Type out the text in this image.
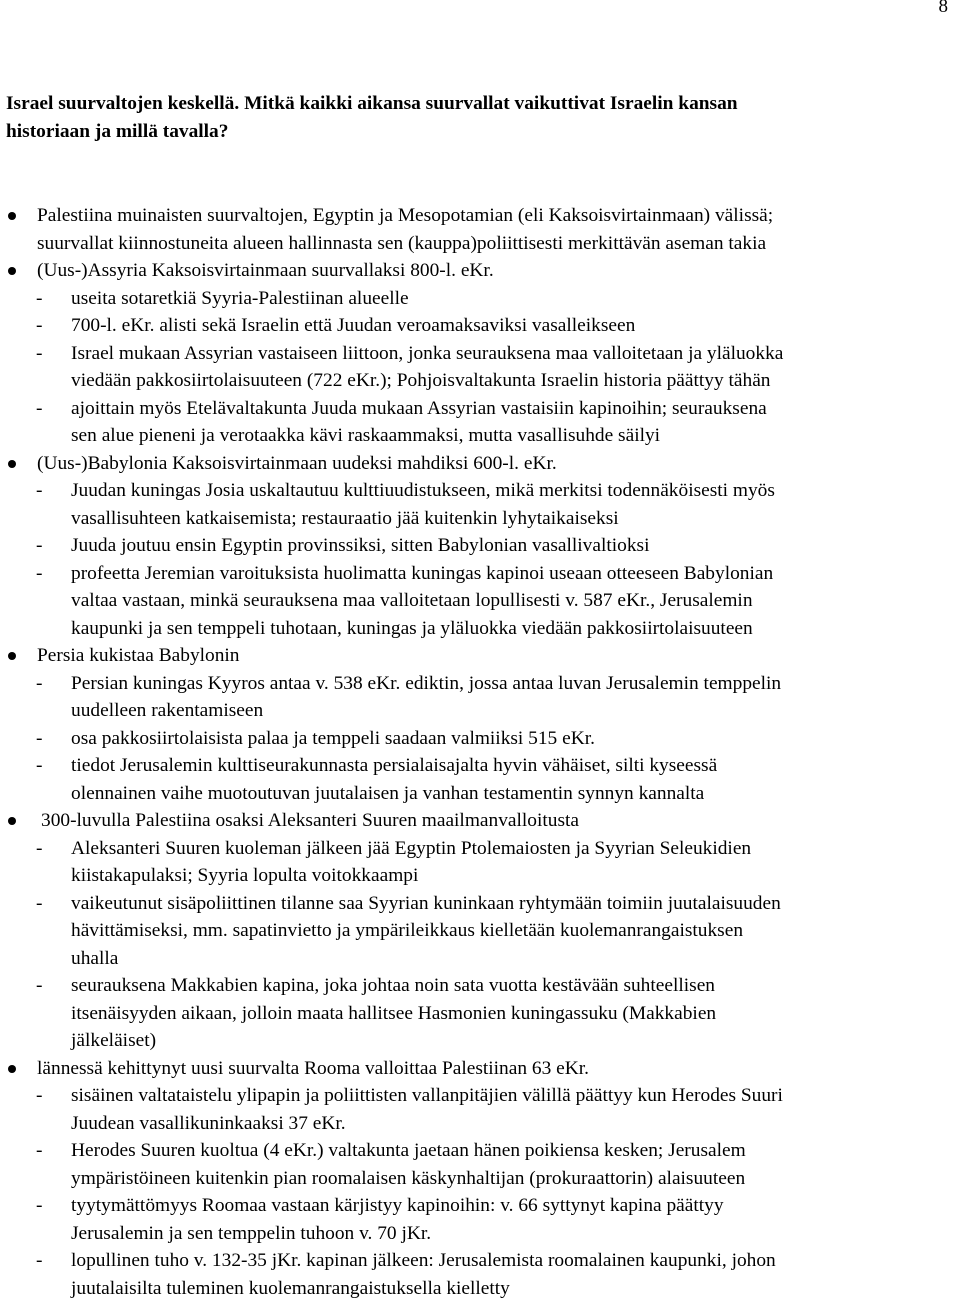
8
Israel suurvaltojen keskellä. Mitkä kaikki aikansa suurvallat vaikuttivat Israelin kansan
historiaan ja millä tavalla?
Palestiina muinaisten suurvaltojen, Egyptin ja Mesopotamian (eli Kaksoisvirtainmaan) välissä;
suurvallat kiinnostuneita alueen hallinnasta sen (kauppa)poliittisesti merkittävän aseman takia
(Uus-)Assyria Kaksoisvirtainmaan suurvallaksi 800-l. eKr.
- useita sotaretkiä Syyria-Palestiinan alueelle
- 700-l. eKr. alisti sekä Israelin että Juudan veroamaksaviksi vasalleikseen
- Israel mukaan Assyrian vastaiseen liittoon, jonka seurauksena maa valloitetaan ja yläluokka
viedään pakkosiirtolaisuuteen (722 eKr.); Pohjoisvaltakunta Israelin historia päättyy tähän
- ajoittain myös Etelävaltakunta Juuda mukaan Assyrian vastaisiin kapinoihin; seurauksena
sen alue pieneni ja verotaakka kävi raskaammaksi, mutta vasallisuhde säilyi
(Uus-)Babylonia Kaksoisvirtainmaan uudeksi mahdiksi 600-l. eKr.
- Juudan kuningas Josia uskaltautuu kulttiuudistukseen, mikä merkitsi todennäköisesti myös
vasallisuhteen katkaisemista; restauraatio jää kuitenkin lyhytaikaiseksi
- Juuda joutuu ensin Egyptin provinssiksi, sitten Babylonian vasallivaltioksi
- profeetta Jeremian varoituksista huolimatta kuningas kapinoi useaan otteeseen Babylonian
valtaa vastaan, minkä seurauksena maa valloitetaan lopullisesti v. 587 eKr., Jerusalemin
kaupunki ja sen temppeli tuhotaan, kuningas ja yläluokka viedään pakkosiirtolaisuuteen
Persia kukistaa Babylonin
- Persian kuningas Kyyros antaa v. 538 eKr. ediktin, jossa antaa luvan Jerusalemin temppelin
uudelleen rakentamiseen
- osa pakkosiirtolaisista palaa ja temppeli saadaan valmiiksi 515 eKr.
- tiedot Jerusalemin kulttiseurakunnasta persialaisajalta hyvin vähäiset, silti kyseessä
olennainen vaihe muotoutuvan juutalaisen ja vanhan testamentin synnyn kannalta
300-luvulla Palestiina osaksi Aleksanteri Suuren maailmanvalloitusta
- Aleksanteri Suuren kuoleman jälkeen jää Egyptin Ptolemaiosten ja Syyrian Seleukidien
kiistakapulaksi; Syyria lopulta voitokkaampi
- vaikeutunut sisäpoliittinen tilanne saa Syyrian kuninkaan ryhtymään toimiin juutalaisuuden
hävittämiseksi, mm. sapatinvietto ja ympärileikkaus kielletään kuolemanrangaistuksen
uhalla
- seurauksena Makkabien kapina, joka johtaa noin sata vuotta kestävään suhteellisen
itsenäisyyden aikaan, jolloin maata hallitsee Hasmonien kuningassuku (Makkabien
jälkeläiset)
lännessä kehittynyt uusi suurvalta Rooma valloittaa Palestiinan 63 eKr.
- sisäinen valtataistelu ylipapin ja poliittisten vallanpitäjien välillä päättyy kun Herodes Suuri
Juudean vasallikuninkaaksi 37 eKr.
- Herodes Suuren kuoltua (4 eKr.) valtakunta jaetaan hänen poikiensa kesken; Jerusalem
ympäristöineen kuitenkin pian roomalaisen käskynhaltijan (prokuraattorin) alaisuuteen
- tyytymättömyys Roomaa vastaan kärjistyy kapinoihin: v. 66 syttynyt kapina päättyy
Jerusalemin ja sen temppelin tuhoon v. 70 jKr.
- lopullinen tuho v. 132-35 jKr. kapinan jälkeen: Jerusalemista roomalainen kaupunki, johon
juutalaisilta tuleminen kuolemanrangaistuksella kielletty
